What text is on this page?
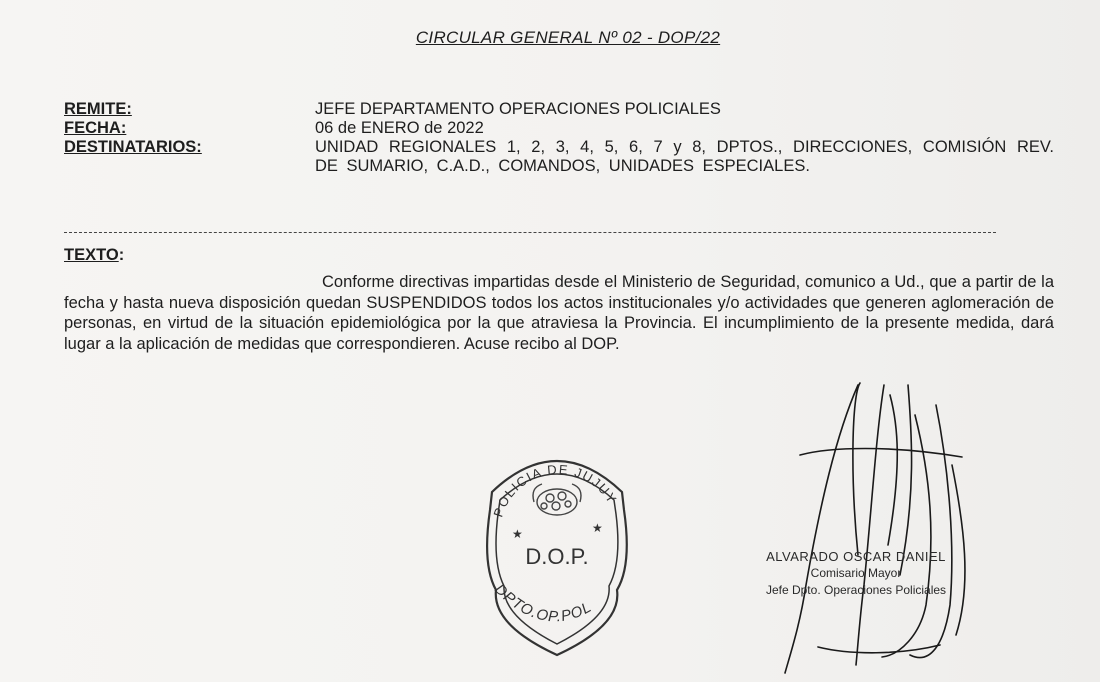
CIRCULAR GENERAL Nº 02 - DOP/22
REMITE:	JEFE DEPARTAMENTO OPERACIONES POLICIALES
FECHA:	06 de ENERO de 2022
DESTINATARIOS:	UNIDAD REGIONALES 1, 2, 3, 4, 5, 6, 7 y 8, DPTOS., DIRECCIONES, COMISIÓN REV. DE SUMARIO, C.A.D., COMANDOS, UNIDADES ESPECIALES.
TEXTO:
Conforme directivas impartidas desde el Ministerio de Seguridad, comunico a Ud., que a partir de la fecha y hasta nueva disposición quedan SUSPENDIDOS todos los actos institucionales y/o actividades que generen aglomeración de personas, en virtud de la situación epidemiológica por la que atraviesa la Provincia. El incumplimiento de la presente medida, dará lugar a la aplicación de medidas que correspondieren. Acuse recibo al DOP.
POLICIA DE JUJUY
★	★
D.O.P.
DPTO.OP.POL
ALVARADO OSCAR DANIEL
Comisario Mayor
Jefe Dpto. Operaciones Policiales
